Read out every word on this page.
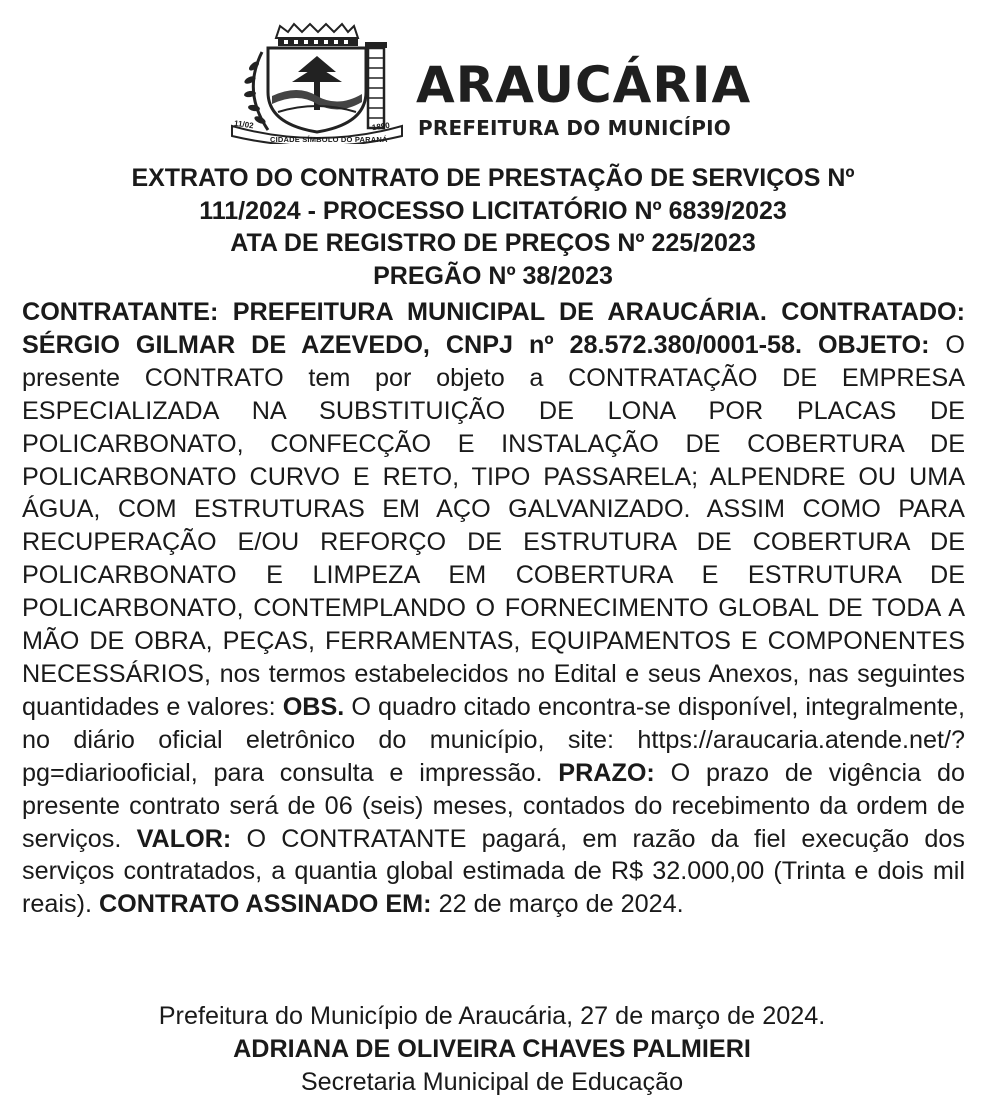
11/02
CIDADE SÍMBOLO DO PARANÁ
1890
ARAUCÁRIA
PREFEITURA DO MUNICÍPIO
EXTRATO DO CONTRATO DE PRESTAÇÃO DE SERVIÇOS Nº
111/2024 - PROCESSO LICITATÓRIO Nº 6839/2023
ATA DE REGISTRO DE PREÇOS Nº 225/2023
PREGÃO Nº 38/2023
CONTRATANTE: PREFEITURA MUNICIPAL DE ARAUCÁRIA. CONTRATADO: SÉRGIO GILMAR DE AZEVEDO, CNPJ nº 28.572.380/0001-58. OBJETO: O presente CONTRATO tem por objeto a CONTRATAÇÃO DE EMPRESA ESPECIALIZADA NA SUBSTITUIÇÃO DE LONA POR PLACAS DE POLICARBONATO, CONFECÇÃO E INSTALAÇÃO DE COBERTURA DE POLICARBONATO CURVO E RETO, TIPO PASSARELA; ALPENDRE OU UMA ÁGUA, COM ESTRUTURAS EM AÇO GALVANIZADO. ASSIM COMO PARA RECUPERAÇÃO E/OU REFORÇO DE ESTRUTURA DE COBERTURA DE POLICARBONATO E LIMPEZA EM COBERTURA E ESTRUTURA DE POLICARBONATO, CONTEMPLANDO O FORNECIMENTO GLOBAL DE TODA A MÃO DE OBRA, PEÇAS, FERRAMENTAS, EQUIPAMENTOS E COMPONENTES NECESSÁRIOS, nos termos estabelecidos no Edital e seus Anexos, nas seguintes quantidades e valores: OBS. O quadro citado encontra-se disponível, integralmente, no diário oficial eletrônico do município, site: https://araucaria.atende.net/?pg=diariooficial, para consulta e impressão. PRAZO: O prazo de vigência do presente contrato será de 06 (seis) meses, contados do recebimento da ordem de serviços. VALOR: O CONTRATANTE pagará, em razão da fiel execução dos serviços contratados, a quantia global estimada de R$ 32.000,00 (Trinta e dois mil reais). CONTRATO ASSINADO EM: 22 de março de 2024.
Prefeitura do Município de Araucária, 27 de março de 2024.
ADRIANA DE OLIVEIRA CHAVES PALMIERI
Secretaria Municipal de Educação
